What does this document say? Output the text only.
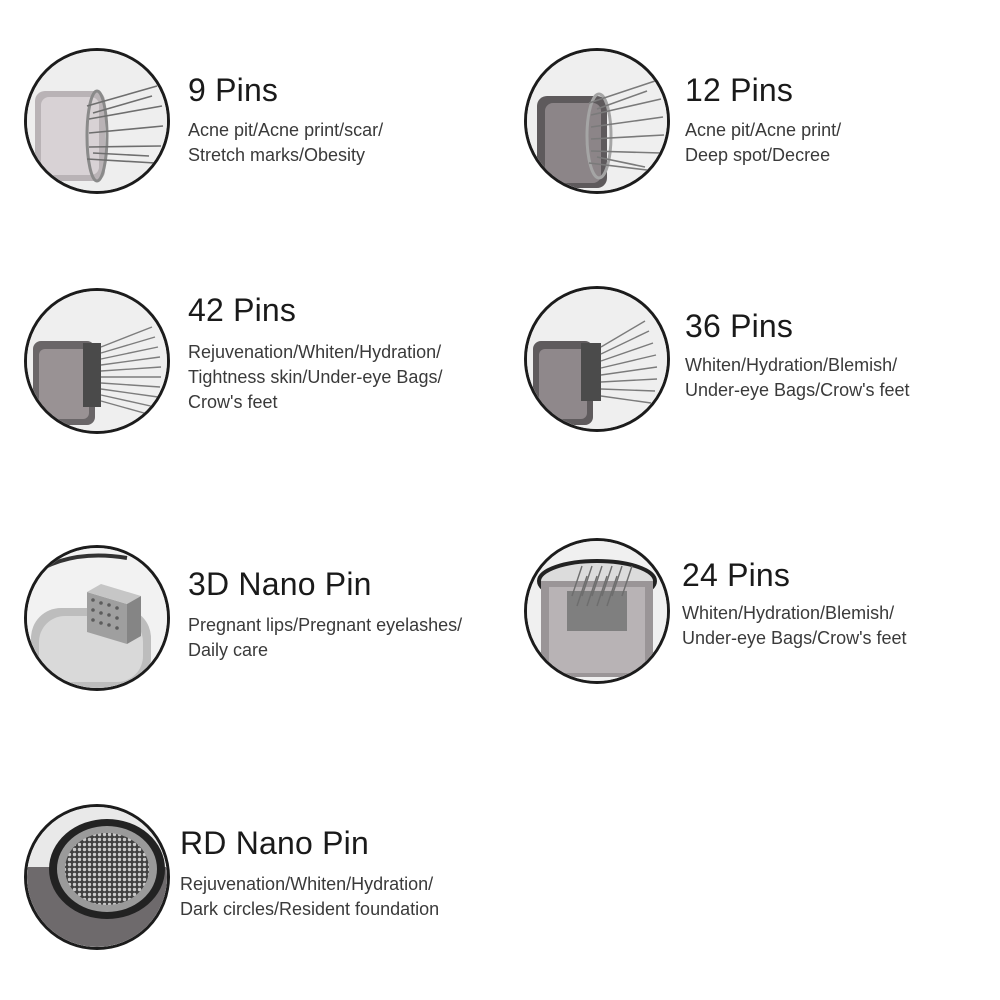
9 Pins
Acne pit/Acne print/scar/
Stretch marks/Obesity
12 Pins
Acne pit/Acne print/
Deep spot/Decree
42 Pins
Rejuvenation/Whiten/Hydration/
Tightness skin/Under-eye Bags/
Crow's feet
36 Pins
Whiten/Hydration/Blemish/
Under-eye Bags/Crow's feet
3D Nano Pin
Pregnant lips/Pregnant eyelashes/
Daily care
24 Pins
Whiten/Hydration/Blemish/
Under-eye Bags/Crow's feet
RD Nano Pin
Rejuvenation/Whiten/Hydration/
Dark circles/Resident foundation
